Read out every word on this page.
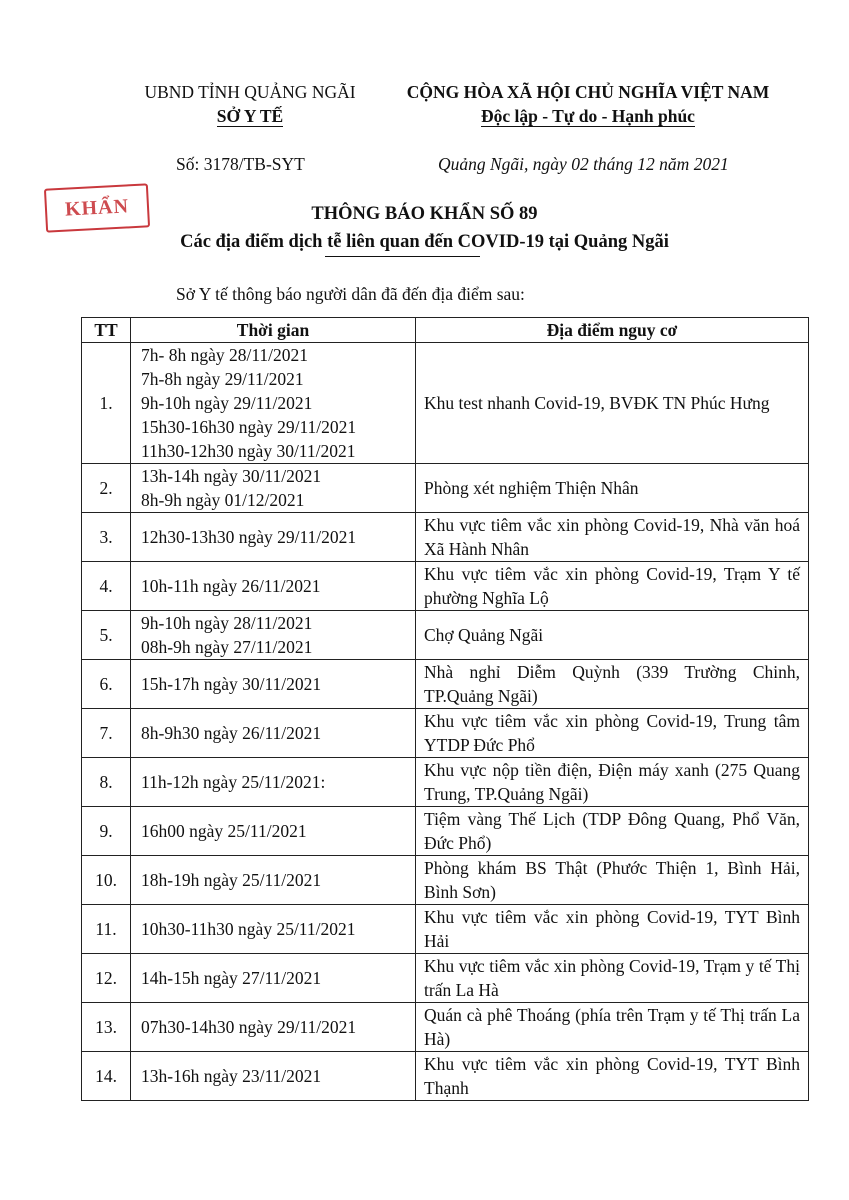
UBND TỈNH QUẢNG NGÃI
SỞ Y TẾ
CỘNG HÒA XÃ HỘI CHỦ NGHĨA VIỆT NAM
Độc lập - Tự do - Hạnh phúc
Số: 3178/TB-SYT	Quảng Ngãi, ngày 02 tháng 12 năm 2021
KHẨN	THÔNG BÁO KHẨN SỐ 89
Các địa điểm dịch tễ liên quan đến COVID-19 tại Quảng Ngãi
Sở Y tế thông báo người dân đã đến địa điểm sau:
TT	Thời gian	Địa điểm nguy cơ
1.	7h- 8h ngày 28/11/2021
7h-8h ngày 29/11/2021
9h-10h ngày 29/11/2021
15h30-16h30 ngày 29/11/2021
11h30-12h30 ngày 30/11/2021	Khu test nhanh Covid-19, BVĐK TN Phúc Hưng
2.	13h-14h ngày 30/11/2021
8h-9h ngày 01/12/2021	Phòng xét nghiệm Thiện Nhân
3.	12h30-13h30 ngày 29/11/2021	Khu vực tiêm vắc xin phòng Covid-19, Nhà văn hoá Xã Hành Nhân
4.	10h-11h ngày 26/11/2021	Khu vực tiêm vắc xin phòng Covid-19, Trạm Y tế phường Nghĩa Lộ
5.	9h-10h ngày 28/11/2021
08h-9h ngày 27/11/2021	Chợ Quảng Ngãi
6.	15h-17h ngày 30/11/2021	Nhà nghỉ Diễm Quỳnh (339 Trường Chinh, TP.Quảng Ngãi)
7.	8h-9h30 ngày 26/11/2021	Khu vực tiêm vắc xin phòng Covid-19, Trung tâm YTDP Đức Phổ
8.	11h-12h ngày 25/11/2021:	Khu vực nộp tiền điện, Điện máy xanh (275 Quang Trung, TP.Quảng Ngãi)
9.	16h00 ngày 25/11/2021	Tiệm vàng Thế Lịch (TDP Đông Quang, Phổ Văn, Đức Phổ)
10.	18h-19h ngày 25/11/2021	Phòng khám BS Thật (Phước Thiện 1, Bình Hải, Bình Sơn)
11.	10h30-11h30 ngày 25/11/2021	Khu vực tiêm vắc xin phòng Covid-19, TYT Bình Hải
12.	14h-15h ngày 27/11/2021	Khu vực tiêm vắc xin phòng Covid-19, Trạm y tế Thị trấn La Hà
13.	07h30-14h30 ngày 29/11/2021	Quán cà phê Thoáng (phía trên Trạm y tế Thị trấn La Hà)
14.	13h-16h ngày 23/11/2021	Khu vực tiêm vắc xin phòng Covid-19, TYT Bình Thạnh
